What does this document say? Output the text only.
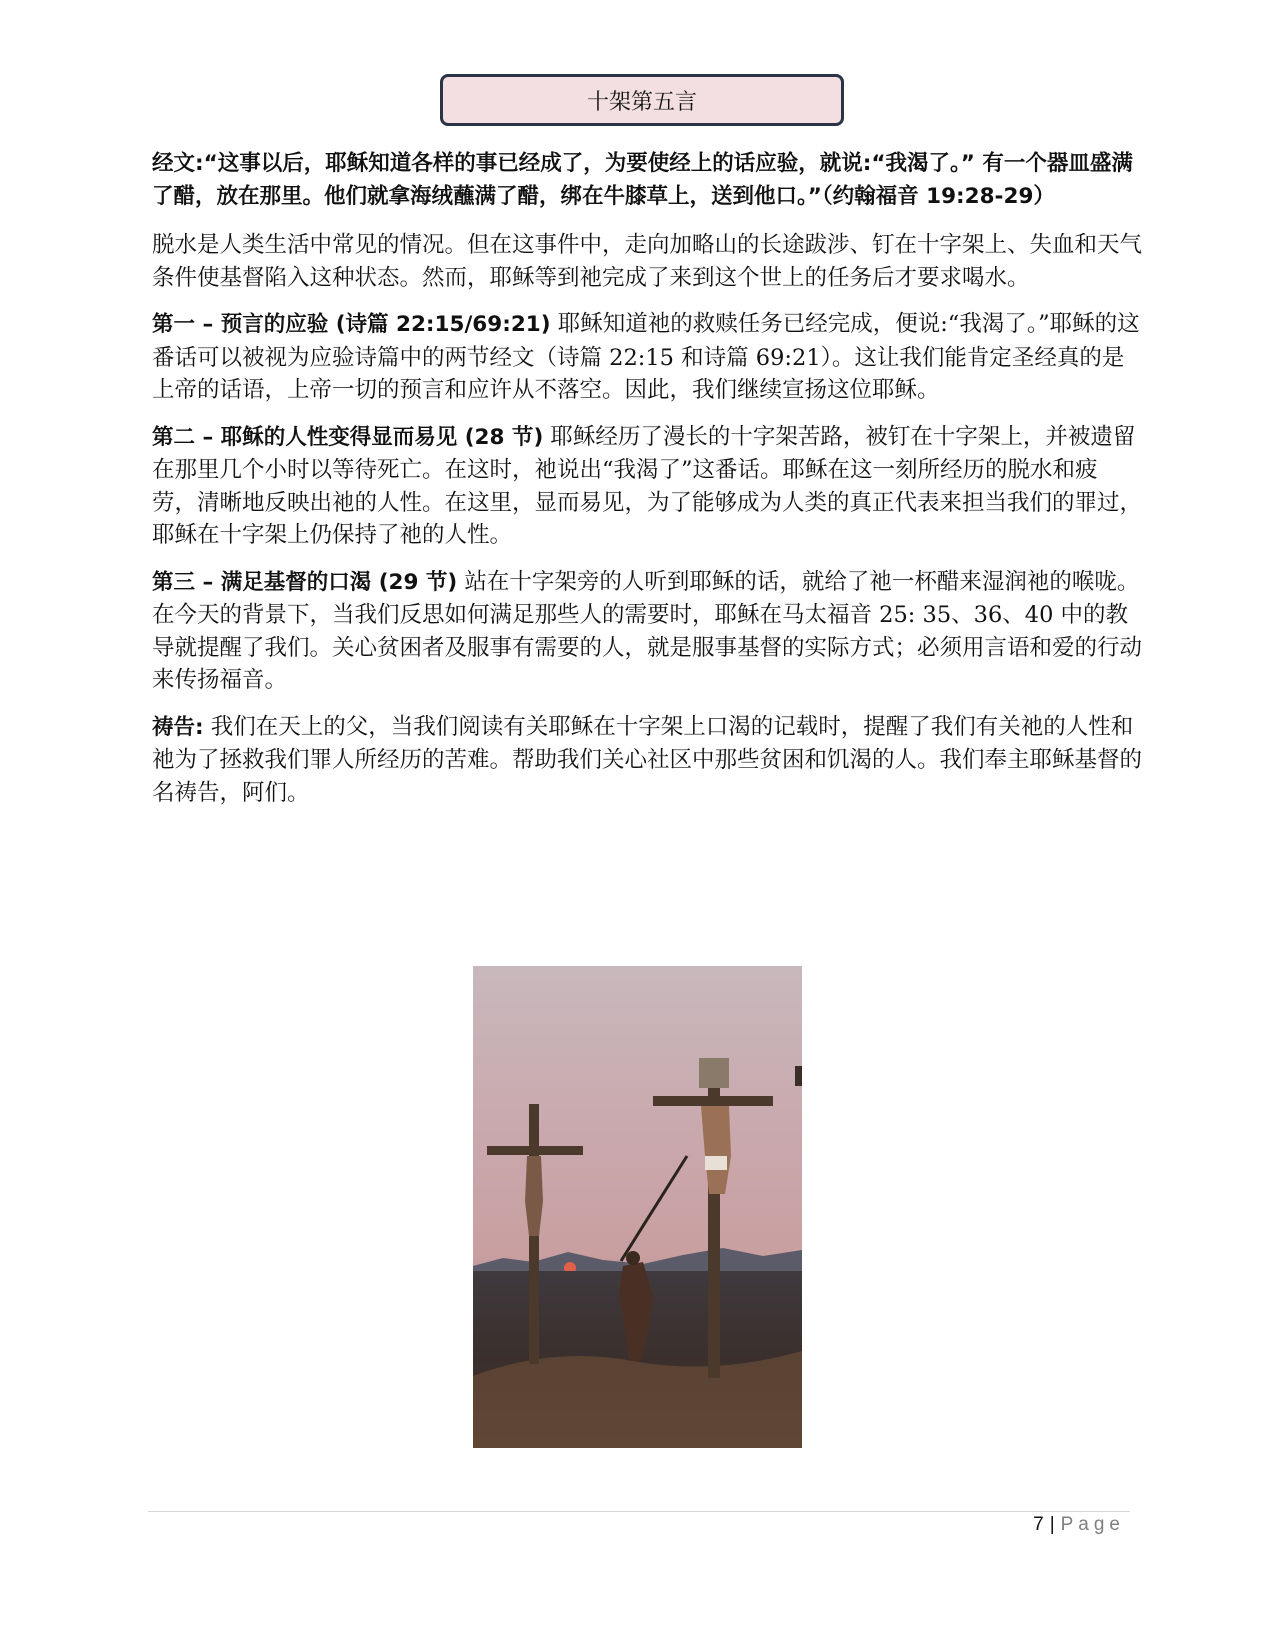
十架第五言

经文:“这事以后，耶稣知道各样的事已经成了，为要使经上的话应验，就说:“我渴了。” 有一个器皿盛满了醋，放在那里。他们就拿海绒蘸满了醋，绑在牛膝草上，送到他口。”（约翰福音 19:28-29）

脱水是人类生活中常见的情况。但在这事件中，走向加略山的长途跋涉、钉在十字架上、失血和天气条件使基督陷入这种状态。然而，耶稣等到祂完成了来到这个世上的任务后才要求喝水。

第一 – 预言的应验 (诗篇 22:15/69:21) 耶稣知道祂的救赎任务已经完成，便说:“我渴了。”耶稣的这番话可以被视为应验诗篇中的两节经文（诗篇 22:15 和诗篇 69:21）。这让我们能肯定圣经真的是上帝的话语，上帝一切的预言和应许从不落空。因此，我们继续宣扬这位耶稣。

第二 – 耶稣的人性变得显而易见 (28 节) 耶稣经历了漫长的十字架苦路，被钉在十字架上，并被遗留在那里几个小时以等待死亡。在这时，祂说出“我渴了”这番话。耶稣在这一刻所经历的脱水和疲劳，清晰地反映出祂的人性。在这里，显而易见，为了能够成为人类的真正代表来担当我们的罪过，耶稣在十字架上仍保持了祂的人性。

第三 – 满足基督的口渴 (29 节) 站在十字架旁的人听到耶稣的话，就给了祂一杯醋来湿润祂的喉咙。在今天的背景下，当我们反思如何满足那些人的需要时，耶稣在马太福音 25: 35、36、40 中的教导就提醒了我们。关心贫困者及服事有需要的人，就是服事基督的实际方式；必须用言语和爱的行动来传扬福音。

祷告: 我们在天上的父，当我们阅读有关耶稣在十字架上口渴的记载时，提醒了我们有关祂的人性和祂为了拯救我们罪人所经历的苦难。帮助我们关心社区中那些贫困和饥渴的人。我们奉主耶稣基督的名祷告，阿们。

7 | Page
